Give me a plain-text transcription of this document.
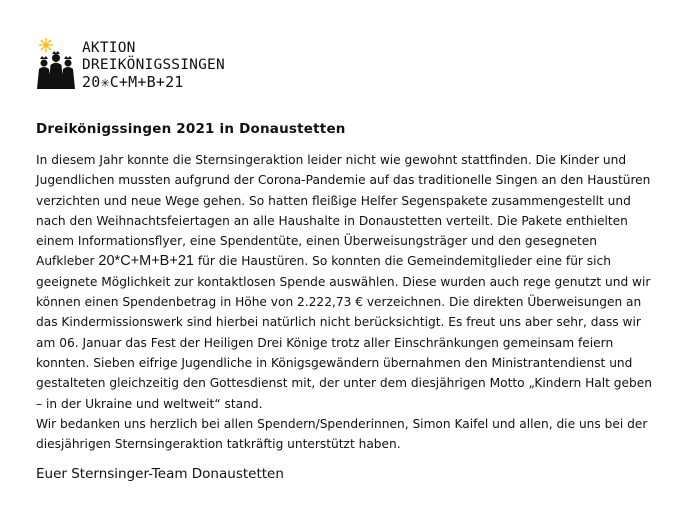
AKTION
DREIKÖNIGSSINGEN
20✳C+M+B+21
Dreikönigssingen 2021 in Donaustetten
In diesem Jahr konnte die Sternsingeraktion leider nicht wie gewohnt stattfinden. Die Kinder und
Jugendlichen mussten aufgrund der Corona-Pandemie auf das traditionelle Singen an den Haustüren
verzichten und neue Wege gehen. So hatten fleißige Helfer Segenspakete zusammengestellt und
nach den Weihnachtsfeiertagen an alle Haushalte in Donaustetten verteilt. Die Pakete enthielten
einem Informationsflyer, eine Spendentüte, einen Überweisungsträger und den gesegneten
Aufkleber 20*C+M+B+21 für die Haustüren. So konnten die Gemeindemitglieder eine für sich
geeignete Möglichkeit zur kontaktlosen Spende auswählen. Diese wurden auch rege genutzt und wir
können einen Spendenbetrag in Höhe von 2.222,73 € verzeichnen. Die direkten Überweisungen an
das Kindermissionswerk sind hierbei natürlich nicht berücksichtigt. Es freut uns aber sehr, dass wir
am 06. Januar das Fest der Heiligen Drei Könige trotz aller Einschränkungen gemeinsam feiern
konnten. Sieben eifrige Jugendliche in Königsgewändern übernahmen den Ministrantendienst und
gestalteten gleichzeitig den Gottesdienst mit, der unter dem diesjährigen Motto „Kindern Halt geben
– in der Ukraine und weltweit“ stand.
Wir bedanken uns herzlich bei allen Spendern/Spenderinnen, Simon Kaifel und allen, die uns bei der
diesjährigen Sternsingeraktion tatkräftig unterstützt haben.
Euer Sternsinger-Team Donaustetten
